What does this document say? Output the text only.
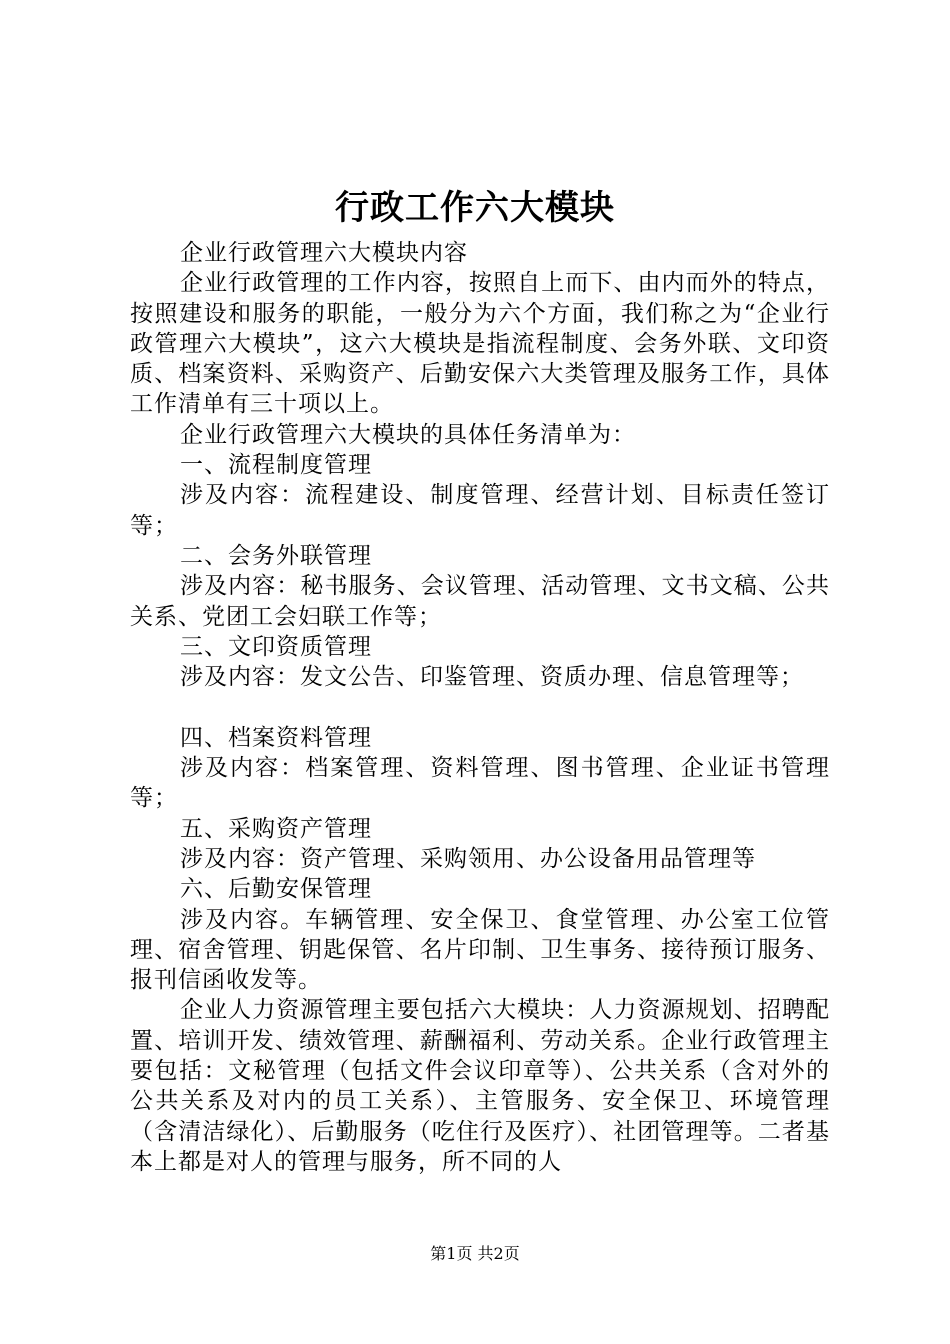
行政工作六大模块

企业行政管理六大模块内容

企业行政管理的工作内容，按照自上而下、由内而外的特点，按照建设和服务的职能，一般分为六个方面，我们称之为“企业行政管理六大模块”，这六大模块是指流程制度、会务外联、文印资质、档案资料、采购资产、后勤安保六大类管理及服务工作，具体工作清单有三十项以上。

企业行政管理六大模块的具体任务清单为：

一、流程制度管理

涉及内容：流程建设、制度管理、经营计划、目标责任签订等；

二、会务外联管理

涉及内容：秘书服务、会议管理、活动管理、文书文稿、公共关系、党团工会妇联工作等；

三、文印资质管理

涉及内容：发文公告、印鉴管理、资质办理、信息管理等；

四、档案资料管理

涉及内容：档案管理、资料管理、图书管理、企业证书管理等；

五、采购资产管理

涉及内容：资产管理、采购领用、办公设备用品管理等

六、后勤安保管理

涉及内容。车辆管理、安全保卫、食堂管理、办公室工位管理、宿舍管理、钥匙保管、名片印制、卫生事务、接待预订服务、报刊信函收发等。

企业人力资源管理主要包括六大模块：人力资源规划、招聘配置、培训开发、绩效管理、薪酬福利、劳动关系。企业行政管理主要包括：文秘管理（包括文件会议印章等）、公共关系（含对外的公共关系及对内的员工关系）、主管服务、安全保卫、环境管理（含清洁绿化）、后勤服务（吃住行及医疗）、社团管理等。二者基本上都是对人的管理与服务，所不同的人

第1页 共2页
